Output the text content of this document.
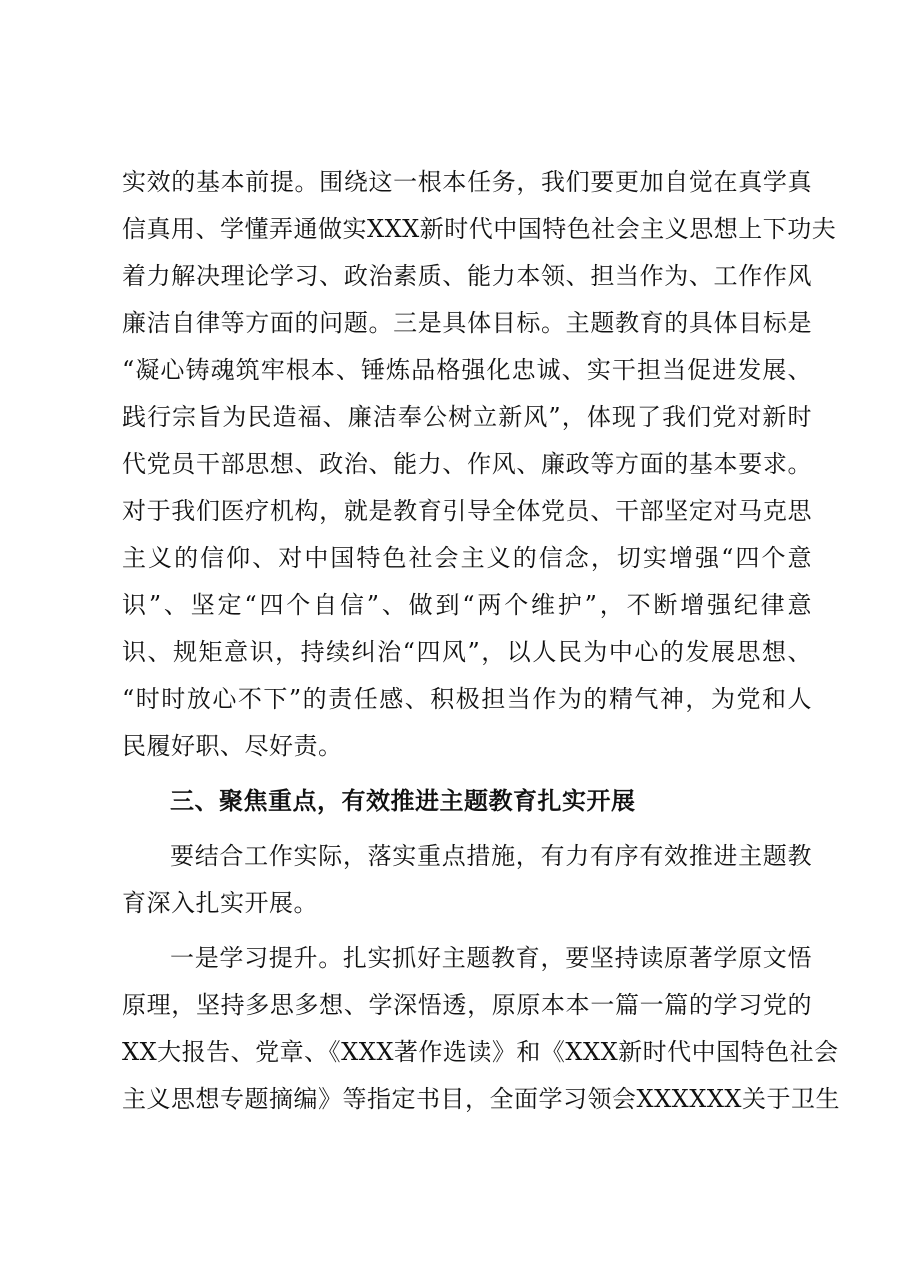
实效的基本前提。围绕这一根本任务，我们要更加自觉在真学真
信真用、学懂弄通做实XXX新时代中国特色社会主义思想上下功夫
着力解决理论学习、政治素质、能力本领、担当作为、工作作风
廉洁自律等方面的问题。三是具体目标。主题教育的具体目标是
“凝心铸魂筑牢根本、锤炼品格强化忠诚、实干担当促进发展、
践行宗旨为民造福、廉洁奉公树立新风”，体现了我们党对新时
代党员干部思想、政治、能力、作风、廉政等方面的基本要求。
对于我们医疗机构，就是教育引导全体党员、干部坚定对马克思
主义的信仰、对中国特色社会主义的信念，切实增强“四个意
识”、坚定“四个自信”、做到“两个维护”，不断增强纪律意
识、规矩意识，持续纠治“四风”，以人民为中心的发展思想、
“时时放心不下”的责任感、积极担当作为的精气神，为党和人
民履好职、尽好责。
三、聚焦重点，有效推进主题教育扎实开展
要结合工作实际，落实重点措施，有力有序有效推进主题教
育深入扎实开展。
一是学习提升。扎实抓好主题教育，要坚持读原著学原文悟
原理，坚持多思多想、学深悟透，原原本本一篇一篇的学习党的
XX大报告、党章、《XXX著作选读》和《XXX新时代中国特色社会
主义思想专题摘编》等指定书目，全面学习领会XXXXXX关于卫生
